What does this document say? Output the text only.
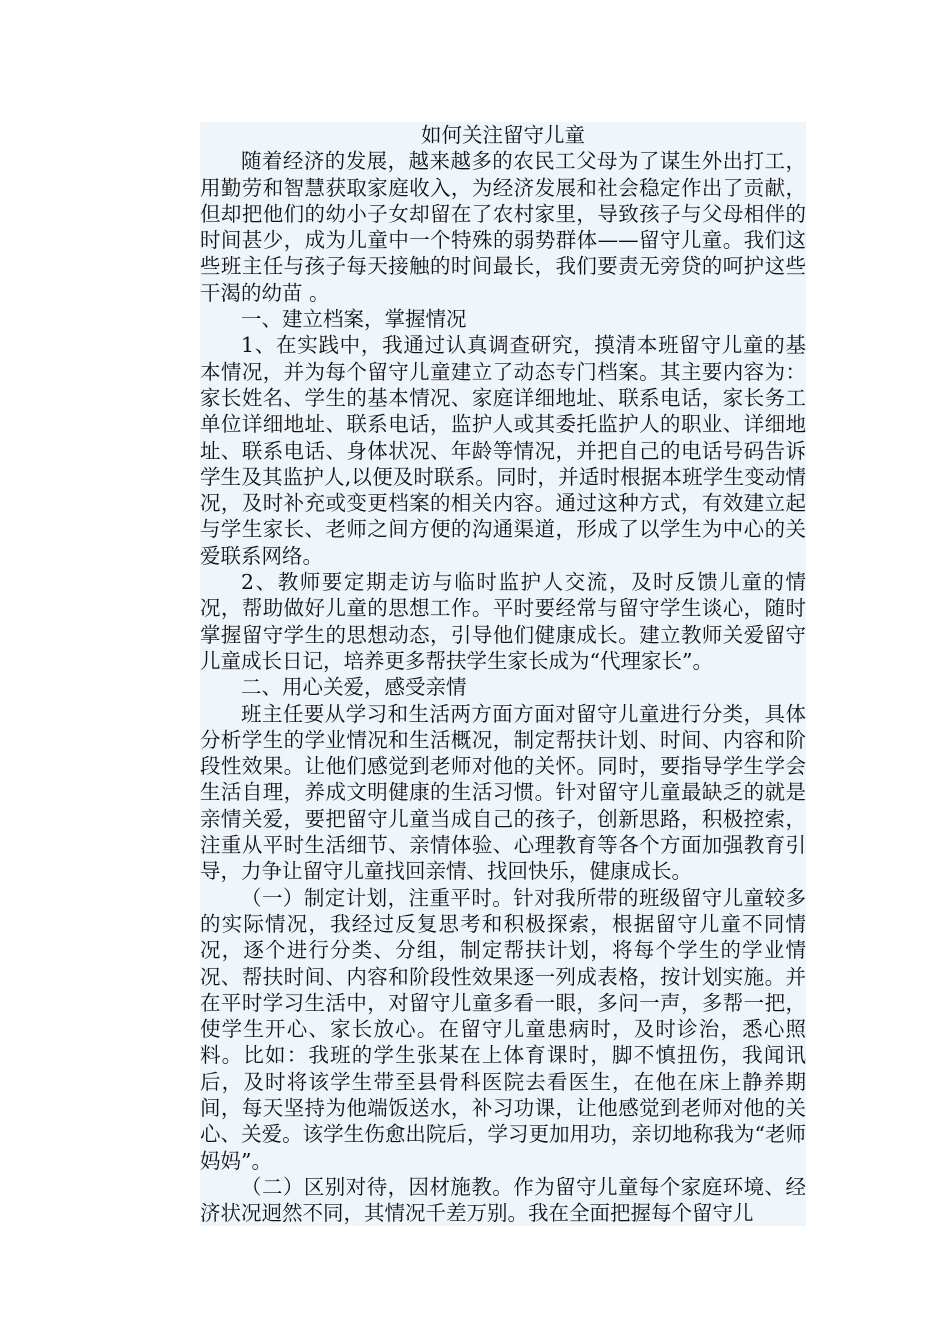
如何关注留守儿童

随着经济的发展，越来越多的农民工父母为了谋生外出打工，用勤劳和智慧获取家庭收入，为经济发展和社会稳定作出了贡献，但却把他们的幼小子女却留在了农村家里，导致孩子与父母相伴的时间甚少，成为儿童中一个特殊的弱势群体——留守儿童。我们这些班主任与孩子每天接触的时间最长，我们要责无旁贷的呵护这些干渴的幼苗 。

一、建立档案，掌握情况

1、在实践中，我通过认真调查研究，摸清本班留守儿童的基本情况，并为每个留守儿童建立了动态专门档案。其主要内容为：家长姓名、学生的基本情况、家庭详细地址、联系电话，家长务工单位详细地址、联系电话，监护人或其委托监护人的职业、详细地址、联系电话、身体状况、年龄等情况，并把自己的电话号码告诉学生及其监护人,以便及时联系。同时，并适时根据本班学生变动情况，及时补充或变更档案的相关内容。通过这种方式，有效建立起与学生家长、老师之间方便的沟通渠道，形成了以学生为中心的关爱联系网络。

2、教师要定期走访与临时监护人交流，及时反馈儿童的情况，帮助做好儿童的思想工作。平时要经常与留守学生谈心，随时掌握留守学生的思想动态，引导他们健康成长。建立教师关爱留守儿童成长日记，培养更多帮扶学生家长成为“代理家长”。

二、用心关爱，感受亲情

班主任要从学习和生活两方面方面对留守儿童进行分类，具体分析学生的学业情况和生活概况，制定帮扶计划、时间、内容和阶段性效果。让他们感觉到老师对他的关怀。同时，要指导学生学会生活自理，养成文明健康的生活习惯。针对留守儿童最缺乏的就是亲情关爱，要把留守儿童当成自己的孩子，创新思路，积极控索，注重从平时生活细节、亲情体验、心理教育等各个方面加强教育引导，力争让留守儿童找回亲情、找回快乐，健康成长。

（一）制定计划，注重平时。针对我所带的班级留守儿童较多的实际情况，我经过反复思考和积极探索，根据留守儿童不同情况，逐个进行分类、分组，制定帮扶计划，将每个学生的学业情况、帮扶时间、内容和阶段性效果逐一列成表格，按计划实施。并在平时学习生活中，对留守儿童多看一眼，多问一声，多帮一把，使学生开心、家长放心。在留守儿童患病时，及时诊治，悉心照料。比如：我班的学生张某在上体育课时，脚不慎扭伤，我闻讯后，及时将该学生带至县骨科医院去看医生，在他在床上静养期间，每天坚持为他端饭送水，补习功课，让他感觉到老师对他的关心、关爱。该学生伤愈出院后，学习更加用功，亲切地称我为“老师妈妈”。

（二）区别对待，因材施教。作为留守儿童每个家庭环境、经济状况迥然不同，其情况千差万别。我在全面把握每个留守儿
